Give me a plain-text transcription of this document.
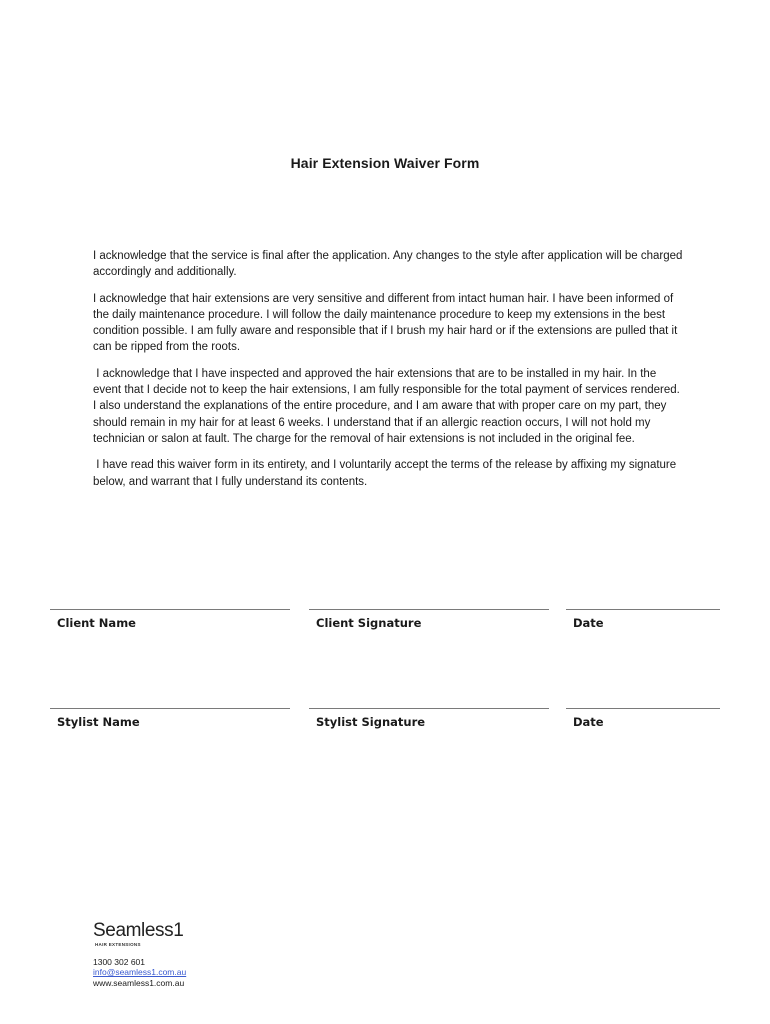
Hair Extension Waiver Form

I acknowledge that the service is final after the application. Any changes to the style after application will be charged accordingly and additionally.

I acknowledge that hair extensions are very sensitive and different from intact human hair. I have been informed of the daily maintenance procedure. I will follow the daily maintenance procedure to keep my extensions in the best condition possible. I am fully aware and responsible that if I brush my hair hard or if the extensions are pulled that it can be ripped from the roots.

I acknowledge that I have inspected and approved the hair extensions that are to be installed in my hair. In the event that I decide not to keep the hair extensions, I am fully responsible for the total payment of services rendered. I also understand the explanations of the entire procedure, and I am aware that with proper care on my part, they should remain in my hair for at least 6 weeks. I understand that if an allergic reaction occurs, I will not hold my technician or salon at fault. The charge for the removal of hair extensions is not included in the original fee.

I have read this waiver form in its entirety, and I voluntarily accept the terms of the release by affixing my signature below, and warrant that I fully understand its contents.

Client Name	Client Signature	Date
Stylist Name	Stylist Signature	Date
Seamless1
HAIR EXTENSIONS
1300 302 601
info@seamless1.com.au
www.seamless1.com.au
